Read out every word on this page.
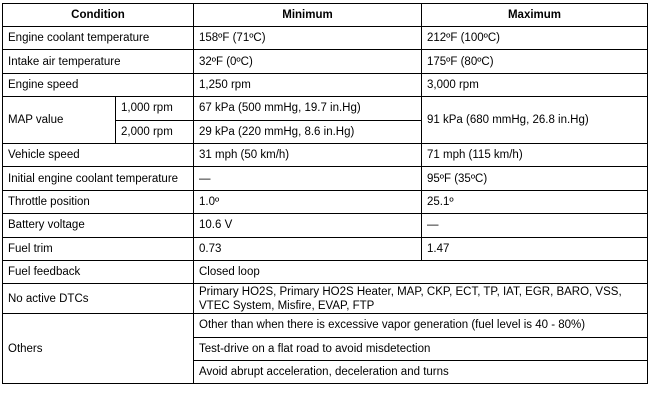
Condition		Minimum	Maximum
Engine coolant temperature		158ºF (71ºC)	212ºF (100ºC)
Intake air temperature		32ºF (0ºC)	175ºF (80ºC)
Engine speed		1,250 rpm	3,000 rpm
MAP value	1,000 rpm	67 kPa (500 mmHg, 19.7 in.Hg)	91 kPa (680 mmHg, 26.8 in.Hg)
	2,000 rpm	29 kPa (220 mmHg, 8.6 in.Hg)	
Vehicle speed		31 mph (50 km/h)	71 mph (115 km/h)
Initial engine coolant temperature		—	95ºF (35ºC)
Throttle position		1.0º	25.1º
Battery voltage		10.6 V	—
Fuel trim		0.73	1.47
Fuel feedback		Closed loop	
No active DTCs		Primary HO2S, Primary HO2S Heater, MAP, CKP, ECT, TP, IAT, EGR, BARO, VSS, VTEC System, Misfire, EVAP, FTP	
Others		Other than when there is excessive vapor generation (fuel level is 40 - 80%)	
		Test-drive on a flat road to avoid misdetection	
		Avoid abrupt acceleration, deceleration and turns	
